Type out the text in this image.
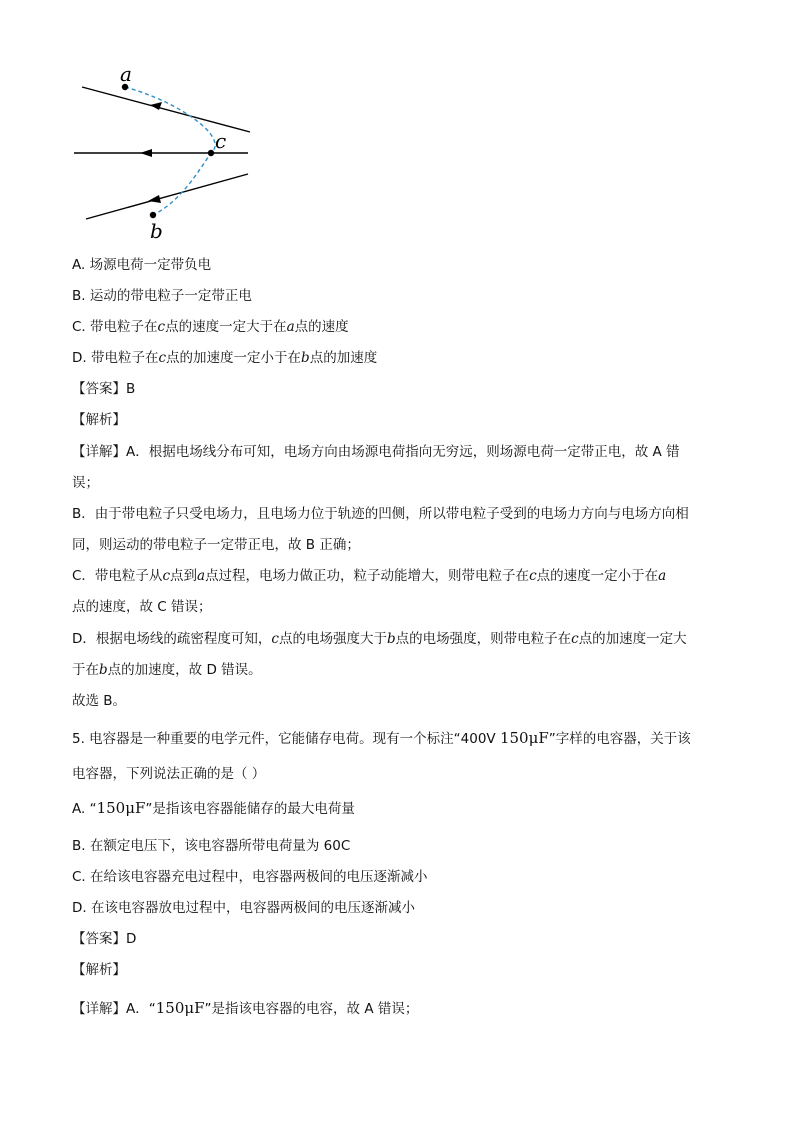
a
c
b
A. 场源电荷一定带负电
B. 运动的带电粒子一定带正电
C. 带电粒子在c点的速度一定大于在a点的速度
D. 带电粒子在c点的加速度一定小于在b点的加速度
【答案】B
【解析】
【详解】A．根据电场线分布可知，电场方向由场源电荷指向无穷远，则场源电荷一定带正电，故 A 错
误；
B．由于带电粒子只受电场力，且电场力位于轨迹的凹侧，所以带电粒子受到的电场力方向与电场方向相
同，则运动的带电粒子一定带正电，故 B 正确；
C．带电粒子从c点到a点过程，电场力做正功，粒子动能增大，则带电粒子在c点的速度一定小于在a
点的速度，故 C 错误；
D．根据电场线的疏密程度可知，c点的电场强度大于b点的电场强度，则带电粒子在c点的加速度一定大
于在b点的加速度，故 D 错误。
故选 B。
5. 电容器是一种重要的电学元件，它能储存电荷。现有一个标注“400V 150μF”字样的电容器，关于该
电容器，下列说法正确的是（ ）
A. “150μF”是指该电容器能储存的最大电荷量
B. 在额定电压下，该电容器所带电荷量为 60C
C. 在给该电容器充电过程中，电容器两极间的电压逐渐减小
D. 在该电容器放电过程中，电容器两极间的电压逐渐减小
【答案】D
【解析】
【详解】A．“150μF”是指该电容器的电容，故 A 错误；
